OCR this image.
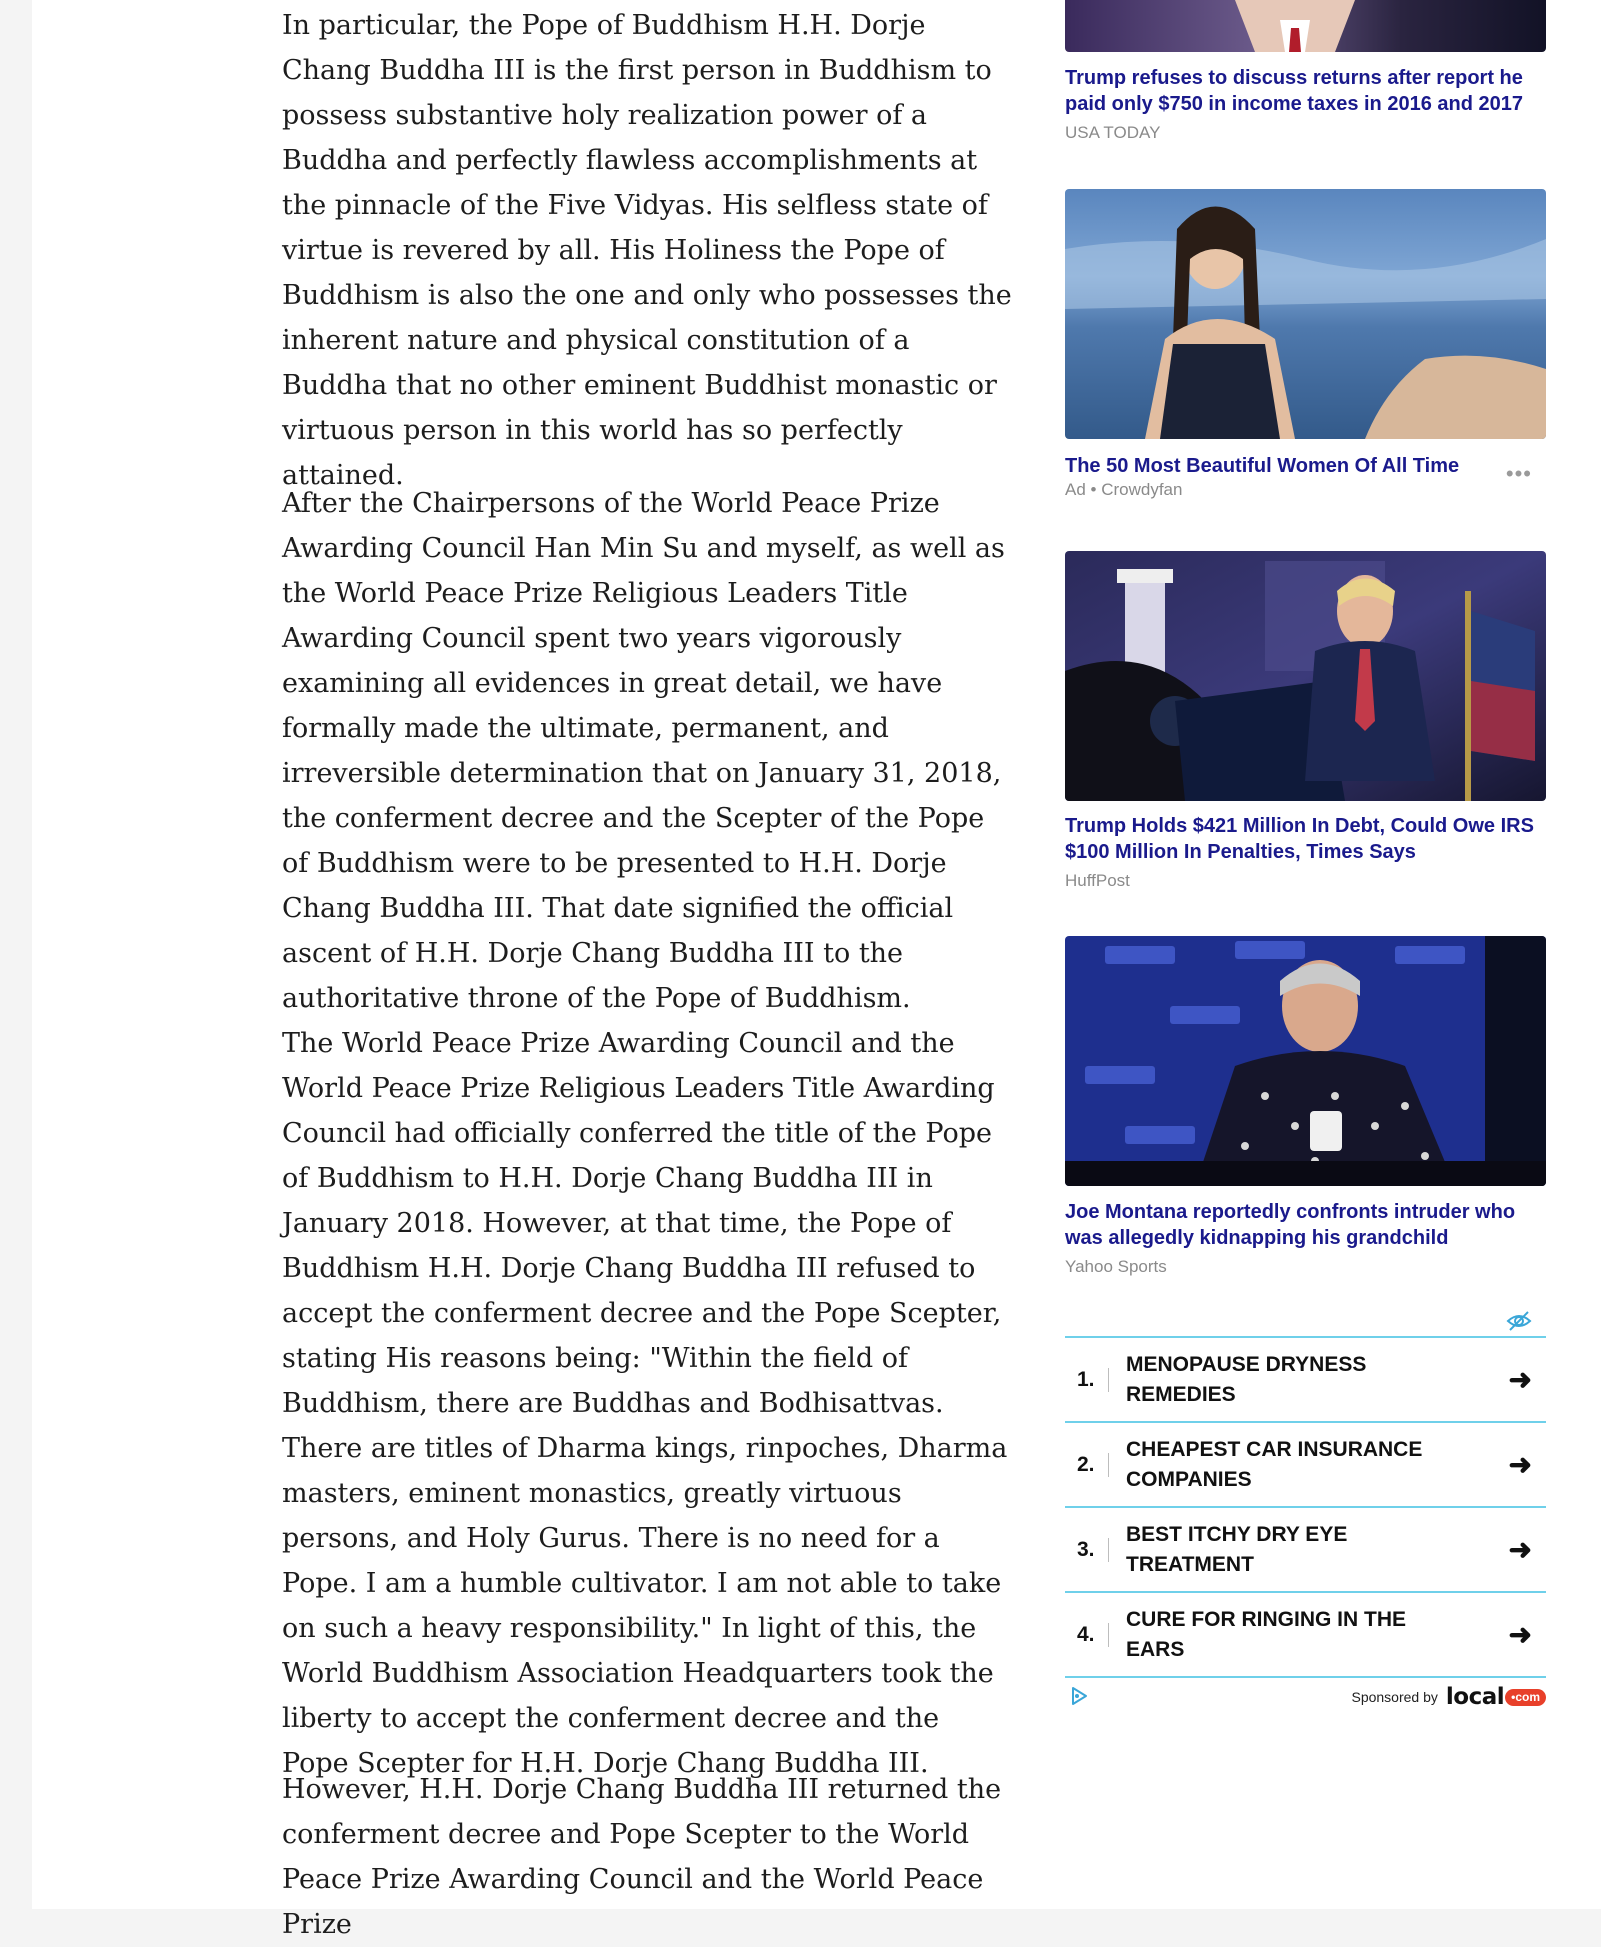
In particular, the Pope of Buddhism H.H. Dorje Chang Buddha III is the first person in Buddhism to possess substantive holy realization power of a Buddha and perfectly flawless accomplishments at the pinnacle of the Five Vidyas. His selfless state of virtue is revered by all. His Holiness the Pope of Buddhism is also the one and only who possesses the inherent nature and physical constitution of a Buddha that no other eminent Buddhist monastic or virtuous person in this world has so perfectly attained.

After the Chairpersons of the World Peace Prize Awarding Council Han Min Su and myself, as well as the World Peace Prize Religious Leaders Title Awarding Council spent two years vigorously examining all evidences in great detail, we have formally made the ultimate, permanent, and irreversible determination that on January 31, 2018, the conferment decree and the Scepter of the Pope of Buddhism were to be presented to H.H. Dorje Chang Buddha III. That date signified the official ascent of H.H. Dorje Chang Buddha III to the authoritative throne of the Pope of Buddhism.

The World Peace Prize Awarding Council and the World Peace Prize Religious Leaders Title Awarding Council had officially conferred the title of the Pope of Buddhism to H.H. Dorje Chang Buddha III in January 2018. However, at that time, the Pope of Buddhism H.H. Dorje Chang Buddha III refused to accept the conferment decree and the Pope Scepter, stating His reasons being: "Within the field of Buddhism, there are Buddhas and Bodhisattvas. There are titles of Dharma kings, rinpoches, Dharma masters, eminent monastics, greatly virtuous persons, and Holy Gurus. There is no need for a Pope. I am a humble cultivator. I am not able to take on such a heavy responsibility." In light of this, the World Buddhism Association Headquarters took the liberty to accept the conferment decree and the Pope Scepter for H.H. Dorje Chang Buddha III.

However, H.H. Dorje Chang Buddha III returned the conferment decree and Pope Scepter to the World Peace Prize Awarding Council and the World Peace Prize

Trump refuses to discuss returns after report he paid only $750 in income taxes in 2016 and 2017
USA TODAY
The 50 Most Beautiful Women Of All Time	•••
Ad • Crowdyfan
Trump Holds $421 Million In Debt, Could Owe IRS $100 Million In Penalties, Times Says
HuffPost
Joe Montana reportedly confronts intruder who was allegedly kidnapping his grandchild
Yahoo Sports
1.
MENOPAUSE DRYNESS REMEDIES	➜
2.
CHEAPEST CAR INSURANCE COMPANIES	➜
3.
BEST ITCHY DRY EYE TREATMENT	➜
4.
CURE FOR RINGING IN THE EARS	➜
Sponsored by local •com
